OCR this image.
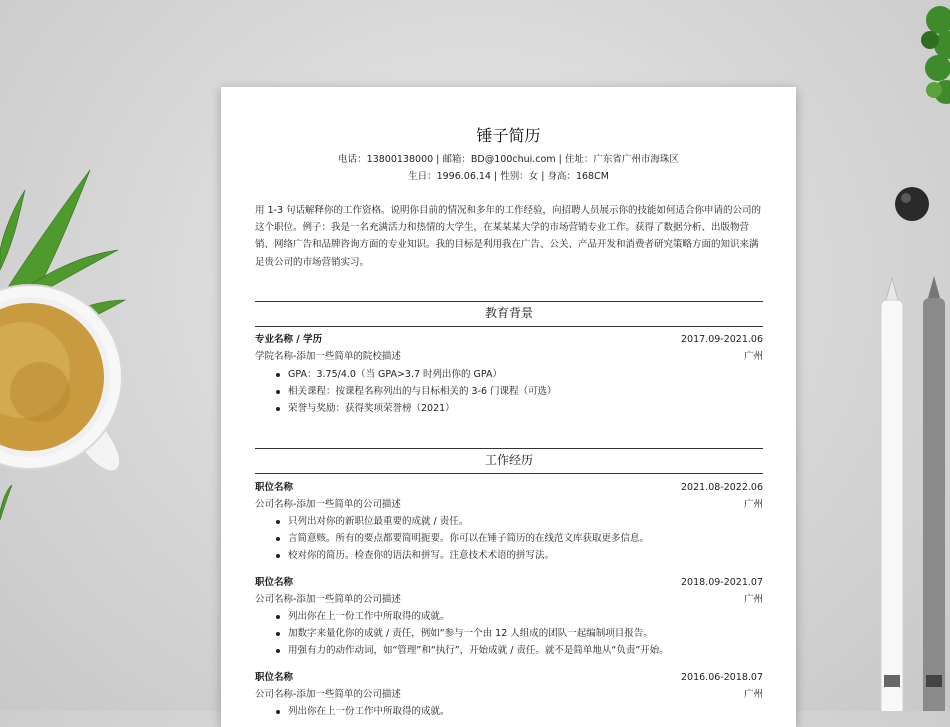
锤子简历
电话：13800138000 | 邮箱：BD@100chui.com | 住址：广东省广州市海珠区
生日：1996.06.14 | 性别：女 | 身高：168CM
用 1-3 句话解释你的工作资格。说明你目前的情况和多年的工作经验，向招聘人员展示你的技能如何适合你申请的公司的这个职位。例子：我是一名充满活力和热情的大学生，在某某某大学的市场营销专业工作。获得了数据分析、出版物营销、网络广告和品牌咨询方面的专业知识。我的目标是利用我在广告、公关、产品开发和消费者研究策略方面的知识来满足贵公司的市场营销实习。
教育背景
专业名称 / 学历	2017.09-2021.06
学院名称-添加一些简单的院校描述	广州
GPA：3.75/4.0（当 GPA>3.7 时列出你的 GPA）
相关课程：按课程名称列出的与目标相关的 3-6 门课程（可选）
荣誉与奖励：获得奖项荣誉榜（2021）
工作经历
职位名称	2021.08-2022.06
公司名称-添加一些简单的公司描述	广州
只列出对你的新职位最重要的成就 / 责任。
言简意赅。所有的要点都要简明扼要。你可以在锤子简历的在线范文库获取更多信息。
校对你的简历。检查你的语法和拼写。注意技术术语的拼写法。
职位名称	2018.09-2021.07
公司名称-添加一些简单的公司描述	广州
列出你在上一份工作中所取得的成就。
加数字来量化你的成就 / 责任，例如“参与一个由 12 人组成的团队一起编制项目报告。
用强有力的动作动词，如“管理”和“执行”，开始成就 / 责任。就不是简单地从“负责”开始。
职位名称	2016.06-2018.07
公司名称-添加一些简单的公司描述	广州
列出你在上一份工作中所取得的成就。
